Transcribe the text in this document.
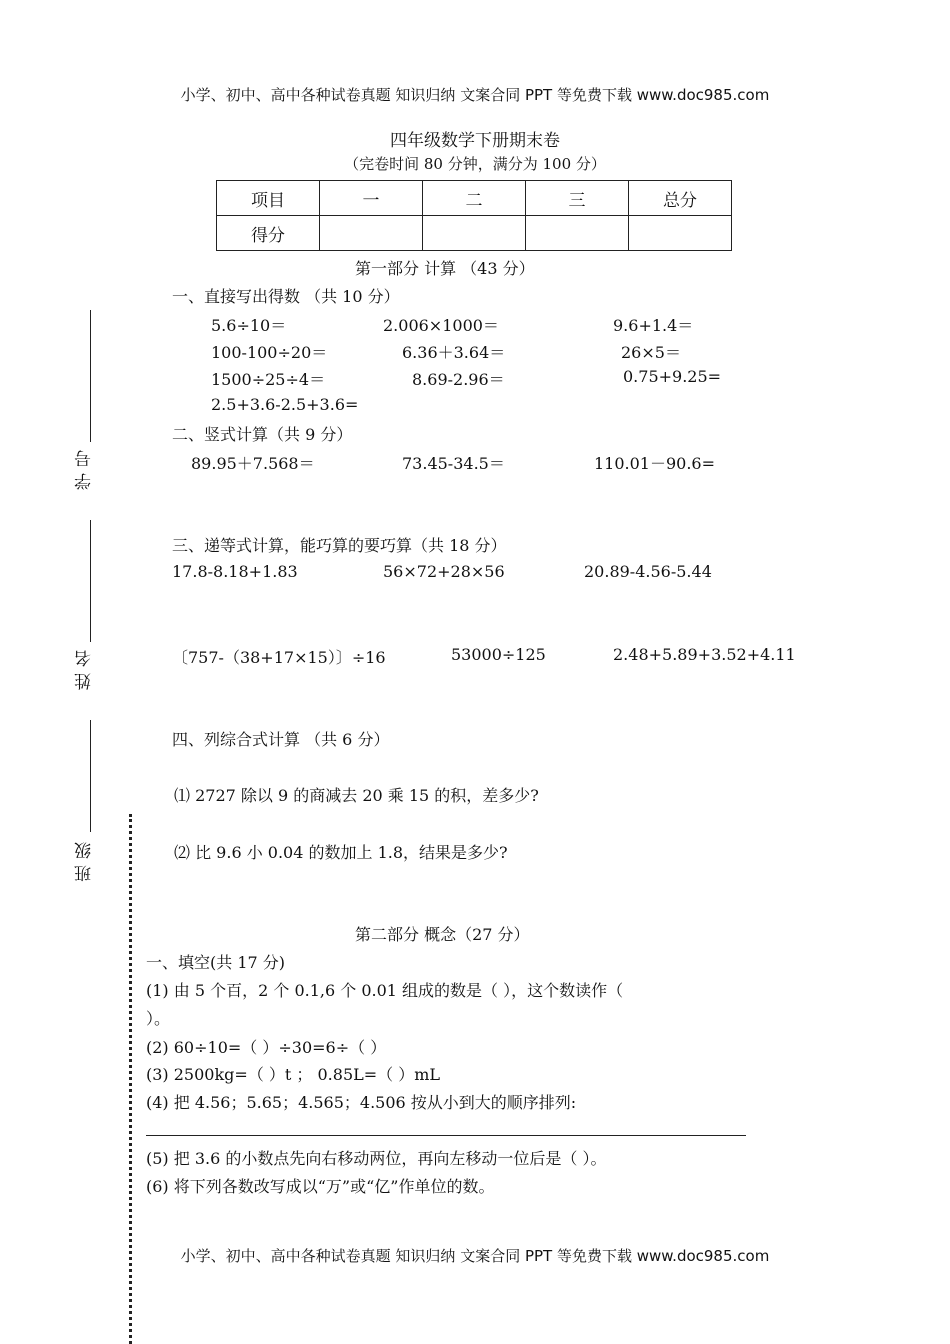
小学、初中、高中各种试卷真题 知识归纳 文案合同 PPT 等免费下载 www.doc985.com
小学、初中、高中各种试卷真题 知识归纳 文案合同 PPT 等免费下载 www.doc985.com
四年级数学下册期末卷
（完卷时间 80 分钟，满分为 100 分）
项目	一	二	三	总分
得分				
学号
姓名
班级
第一部分 计算 （43 分）
一、直接写出得数 （共 10 分）
5.6÷10＝	2.006×1000＝	9.6+1.4＝
100-100÷20＝	6.36＋3.64＝	26×5＝
1500÷25÷4＝	8.69-2.96＝	0.75+9.25=
2.5+3.6-2.5+3.6=
二、竖式计算（共 9 分）
89.95＋7.568＝	73.45-34.5＝	110.01－90.6=
三、递等式计算，能巧算的要巧算（共 18 分）
17.8-8.18+1.83	56×72+28×56	20.89-4.56-5.44
〔757-（38+17×15）〕÷16	53000÷125	2.48+5.89+3.52+4.11
四、列综合式计算 （共 6 分）
⑴ 2727 除以 9 的商减去 20 乘 15 的积，差多少?
⑵ 比 9.6 小 0.04 的数加上 1.8，结果是多少?
第二部分 概念（27 分）
一、填空(共 17 分)
(1) 由 5 个百，2 个 0.1,6 个 0.01 组成的数是（ ），这个数读作（
）。
(2) 60÷10=（ ）÷30=6÷（ ）
(3) 2500kg=（ ）t ； 0.85L=（ ）mL
(4) 把 4.56；5.65；4.565；4.506 按从小到大的顺序排列:
(5) 把 3.6 的小数点先向右移动两位，再向左移动一位后是（ ）。
(6) 将下列各数改写成以“万”或“亿”作单位的数。
